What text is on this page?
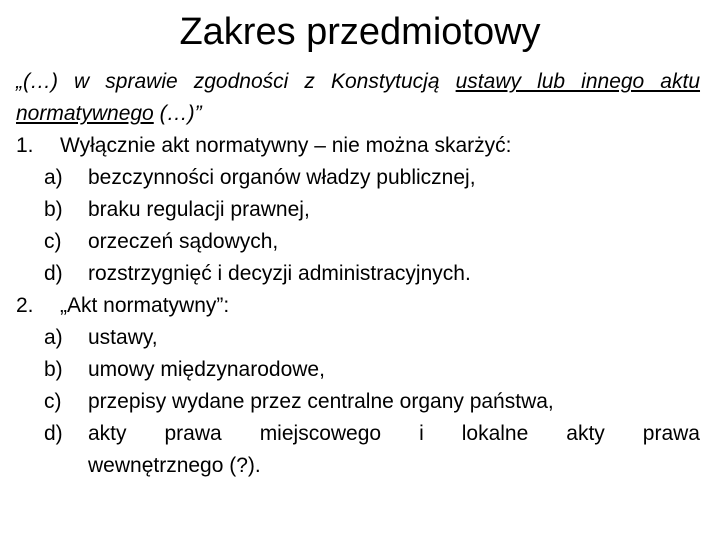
Zakres przedmiotowy

„(…) w sprawie zgodności z Konstytucją ustawy lub innego aktu normatywnego (…)”

1. Wyłącznie akt normatywny – nie można skarżyć:
a) bezczynności organów władzy publicznej,
b) braku regulacji prawnej,
c) orzeczeń sądowych,
d) rozstrzygnięć i decyzji administracyjnych.
2. „Akt normatywny”:
a) ustawy,
b) umowy międzynarodowe,
c) przepisy wydane przez centralne organy państwa,
d) akty prawa miejscowego i lokalne akty prawa
wewnętrznego (?).
